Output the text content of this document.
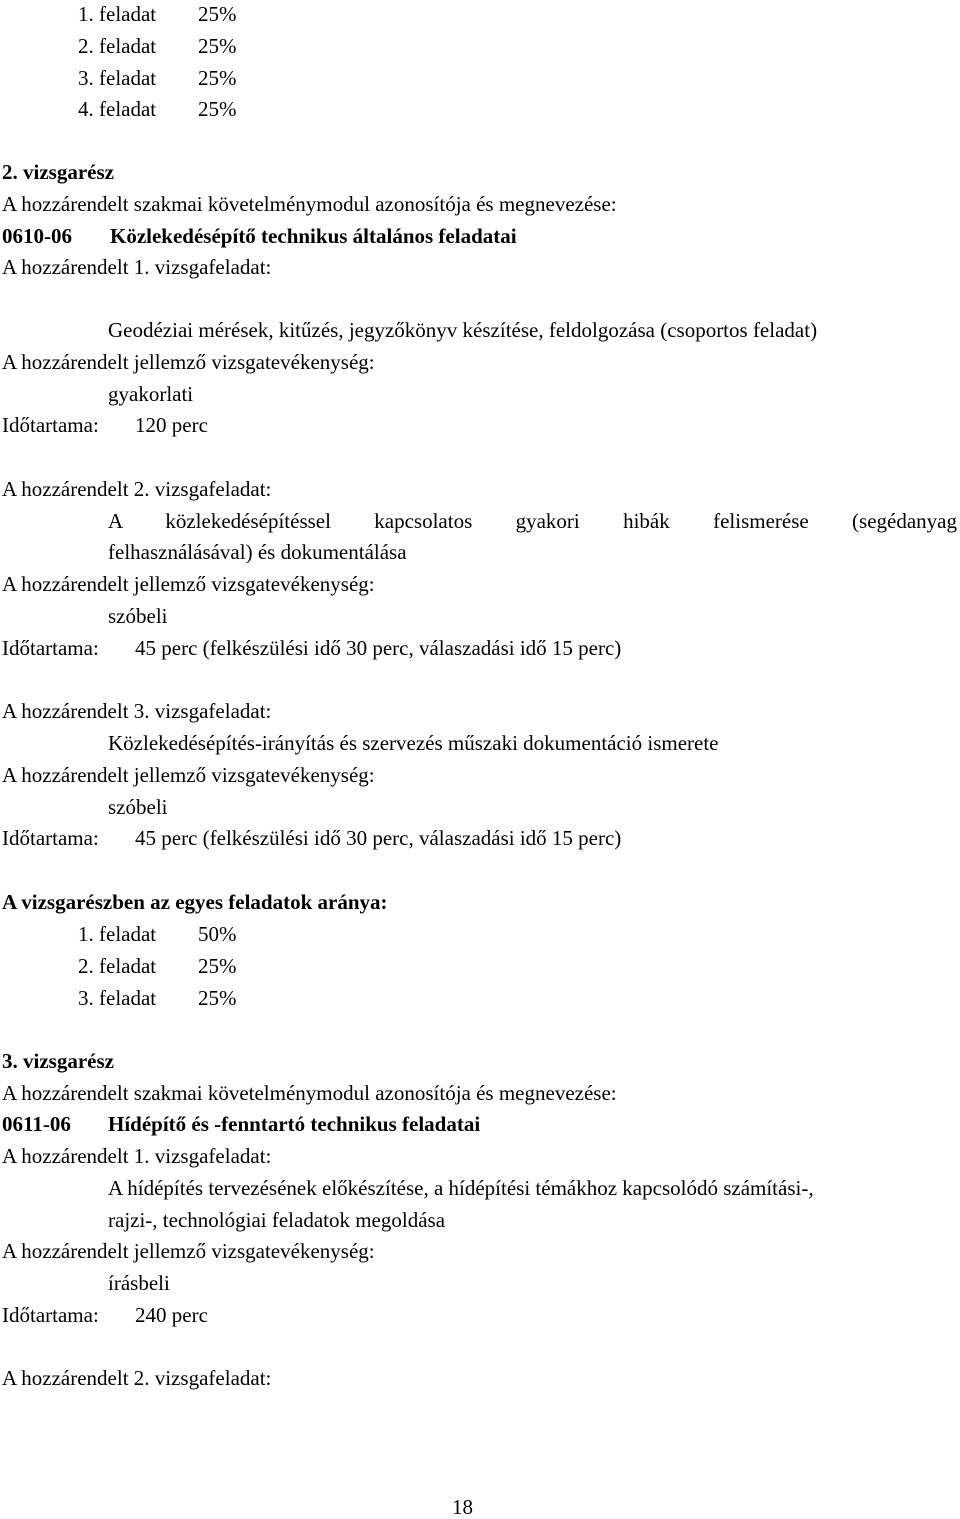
1. feladat 25%
2. feladat 25%
3. feladat 25%
4. feladat 25%
2. vizsgarész
A hozzárendelt szakmai követelménymodul azonosítója és megnevezése:
0610-06 Közlekedésépítő technikus általános feladatai
A hozzárendelt 1. vizsgafeladat:
Geodéziai mérések, kitűzés, jegyzőkönyv készítése, feldolgozása (csoportos feladat)
A hozzárendelt jellemző vizsgatevékenység:
gyakorlati
Időtartama: 120 perc
A hozzárendelt 2. vizsgafeladat:
A közlekedésépítéssel kapcsolatos gyakori hibák felismerése (segédanyag
felhasználásával) és dokumentálása
A hozzárendelt jellemző vizsgatevékenység:
szóbeli
Időtartama: 45 perc (felkészülési idő 30 perc, válaszadási idő 15 perc)
A hozzárendelt 3. vizsgafeladat:
Közlekedésépítés-irányítás és szervezés műszaki dokumentáció ismerete
A hozzárendelt jellemző vizsgatevékenység:
szóbeli
Időtartama: 45 perc (felkészülési idő 30 perc, válaszadási idő 15 perc)
A vizsgarészben az egyes feladatok aránya:
1. feladat 50%
2. feladat 25%
3. feladat 25%
3. vizsgarész
A hozzárendelt szakmai követelménymodul azonosítója és megnevezése:
0611-06 Hídépítő és -fenntartó technikus feladatai
A hozzárendelt 1. vizsgafeladat:
A hídépítés tervezésének előkészítése, a hídépítési témákhoz kapcsolódó számítási-,
rajzi-, technológiai feladatok megoldása
A hozzárendelt jellemző vizsgatevékenység:
írásbeli
Időtartama: 240 perc
A hozzárendelt 2. vizsgafeladat:
18
